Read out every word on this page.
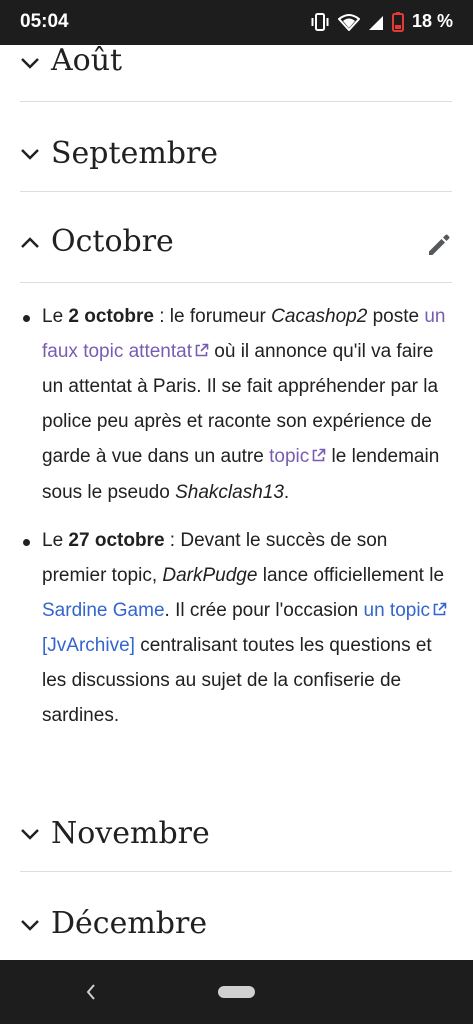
05:04	18 %
Août
Septembre
Octobre
Le 2 octobre : le forumeur Cacashop2 poste un faux topic attentat où il annonce qu'il va faire un attentat à Paris. Il se fait appréhender par la police peu après et raconte son expérience de garde à vue dans un autre topic le lendemain sous le pseudo Shakclash13.
Le 27 octobre : Devant le succès de son premier topic, DarkPudge lance officiellement le Sardine Game. Il crée pour l'occasion un topic [JvArchive] centralisant toutes les questions et les discussions au sujet de la confiserie de sardines.
Novembre
Décembre
